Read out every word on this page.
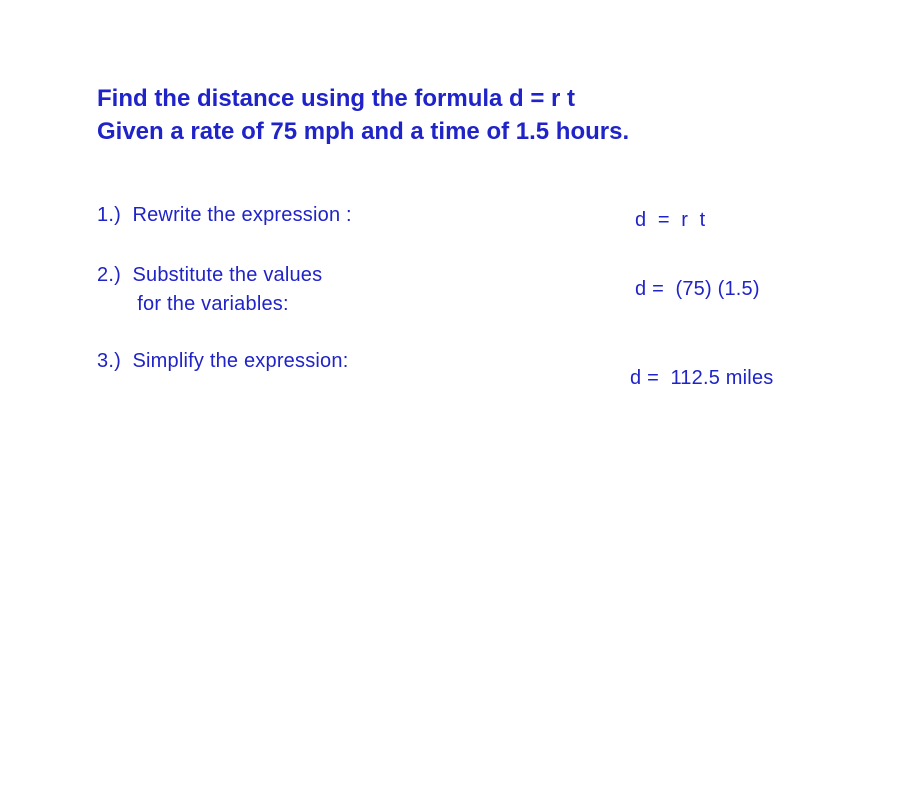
Find the distance using the formula d = r t
Given a rate of 75 mph and a time of 1.5 hours.
1.)  Rewrite the expression :	d  =  r  t
2.)  Substitute the values
for the variables:
d =  (75) (1.5)
3.)  Simplify the expression:
d =  112.5 miles
